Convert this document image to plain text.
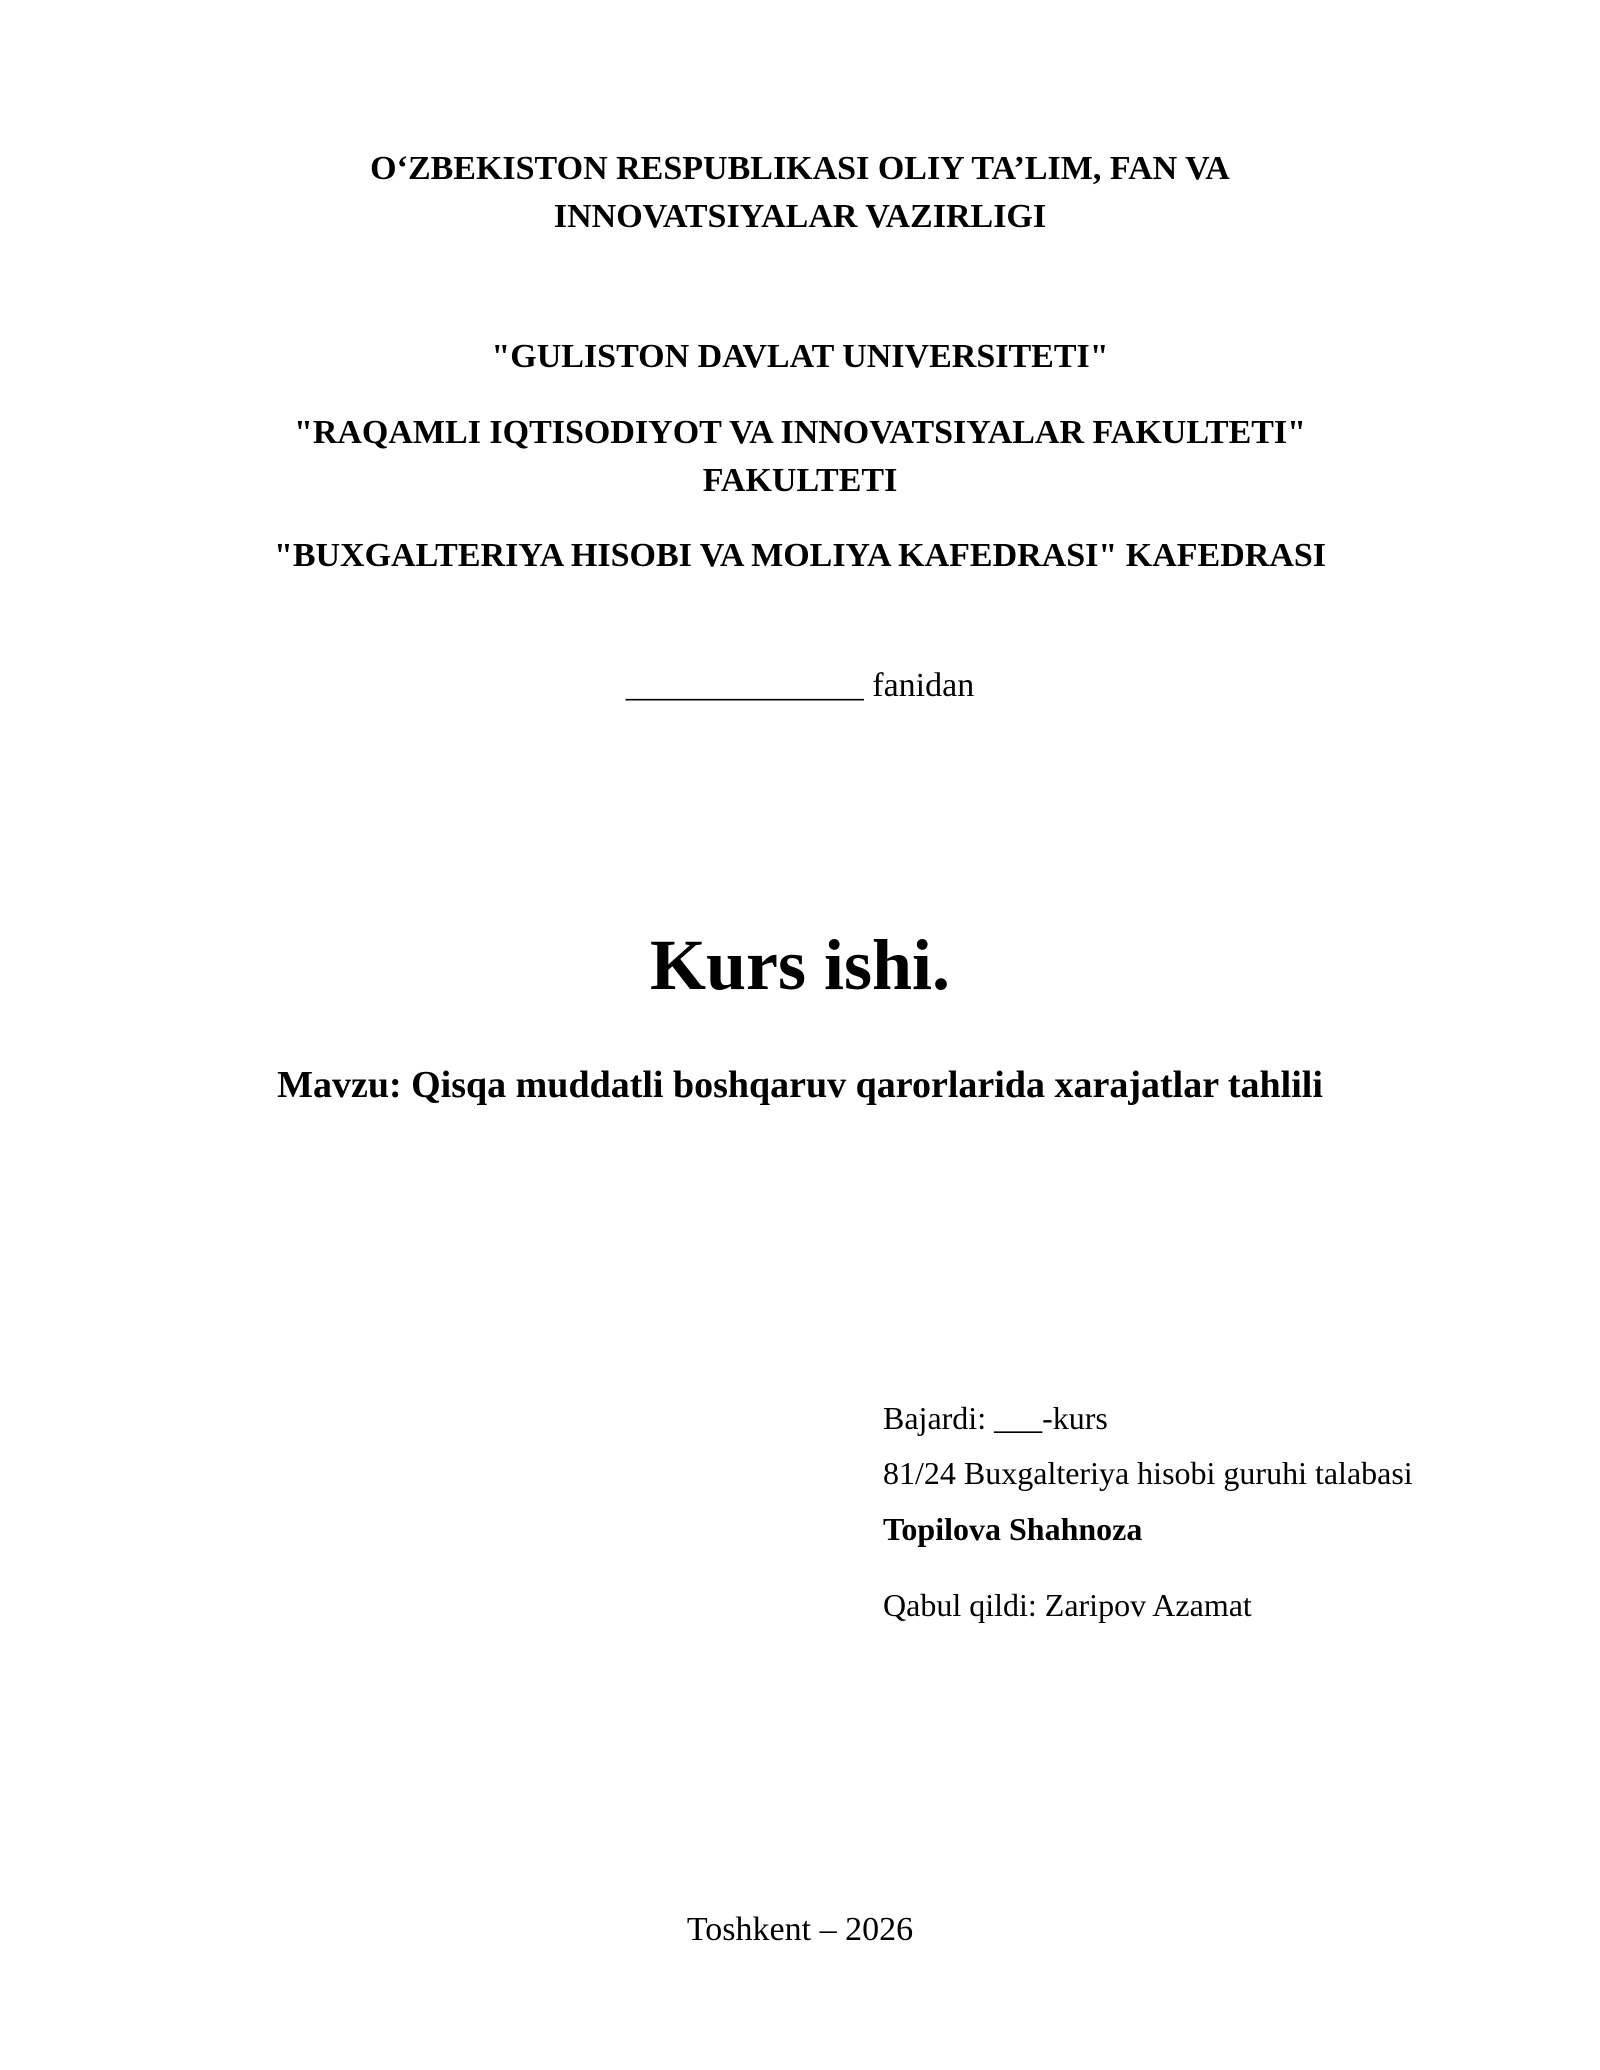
O‘ZBEKISTON RESPUBLIKASI OLIY TA’LIM, FAN VA
INNOVATSIYALAR VAZIRLIGI
"GULISTON DAVLAT UNIVERSITETI"
"RAQAMLI IQTISODIYOT VA INNOVATSIYALAR FAKULTETI"
FAKULTETI
"BUXGALTERIYA HISOBI VA MOLIYA KAFEDRASI" KAFEDRASI
______________ fanidan
Kurs ishi.
Mavzu: Qisqa muddatli boshqaruv qarorlarida xarajatlar tahlili
Bajardi: ___-kurs
81/24 Buxgalteriya hisobi guruhi talabasi
Topilova Shahnoza
Qabul qildi: Zaripov Azamat
Toshkent – 2026
